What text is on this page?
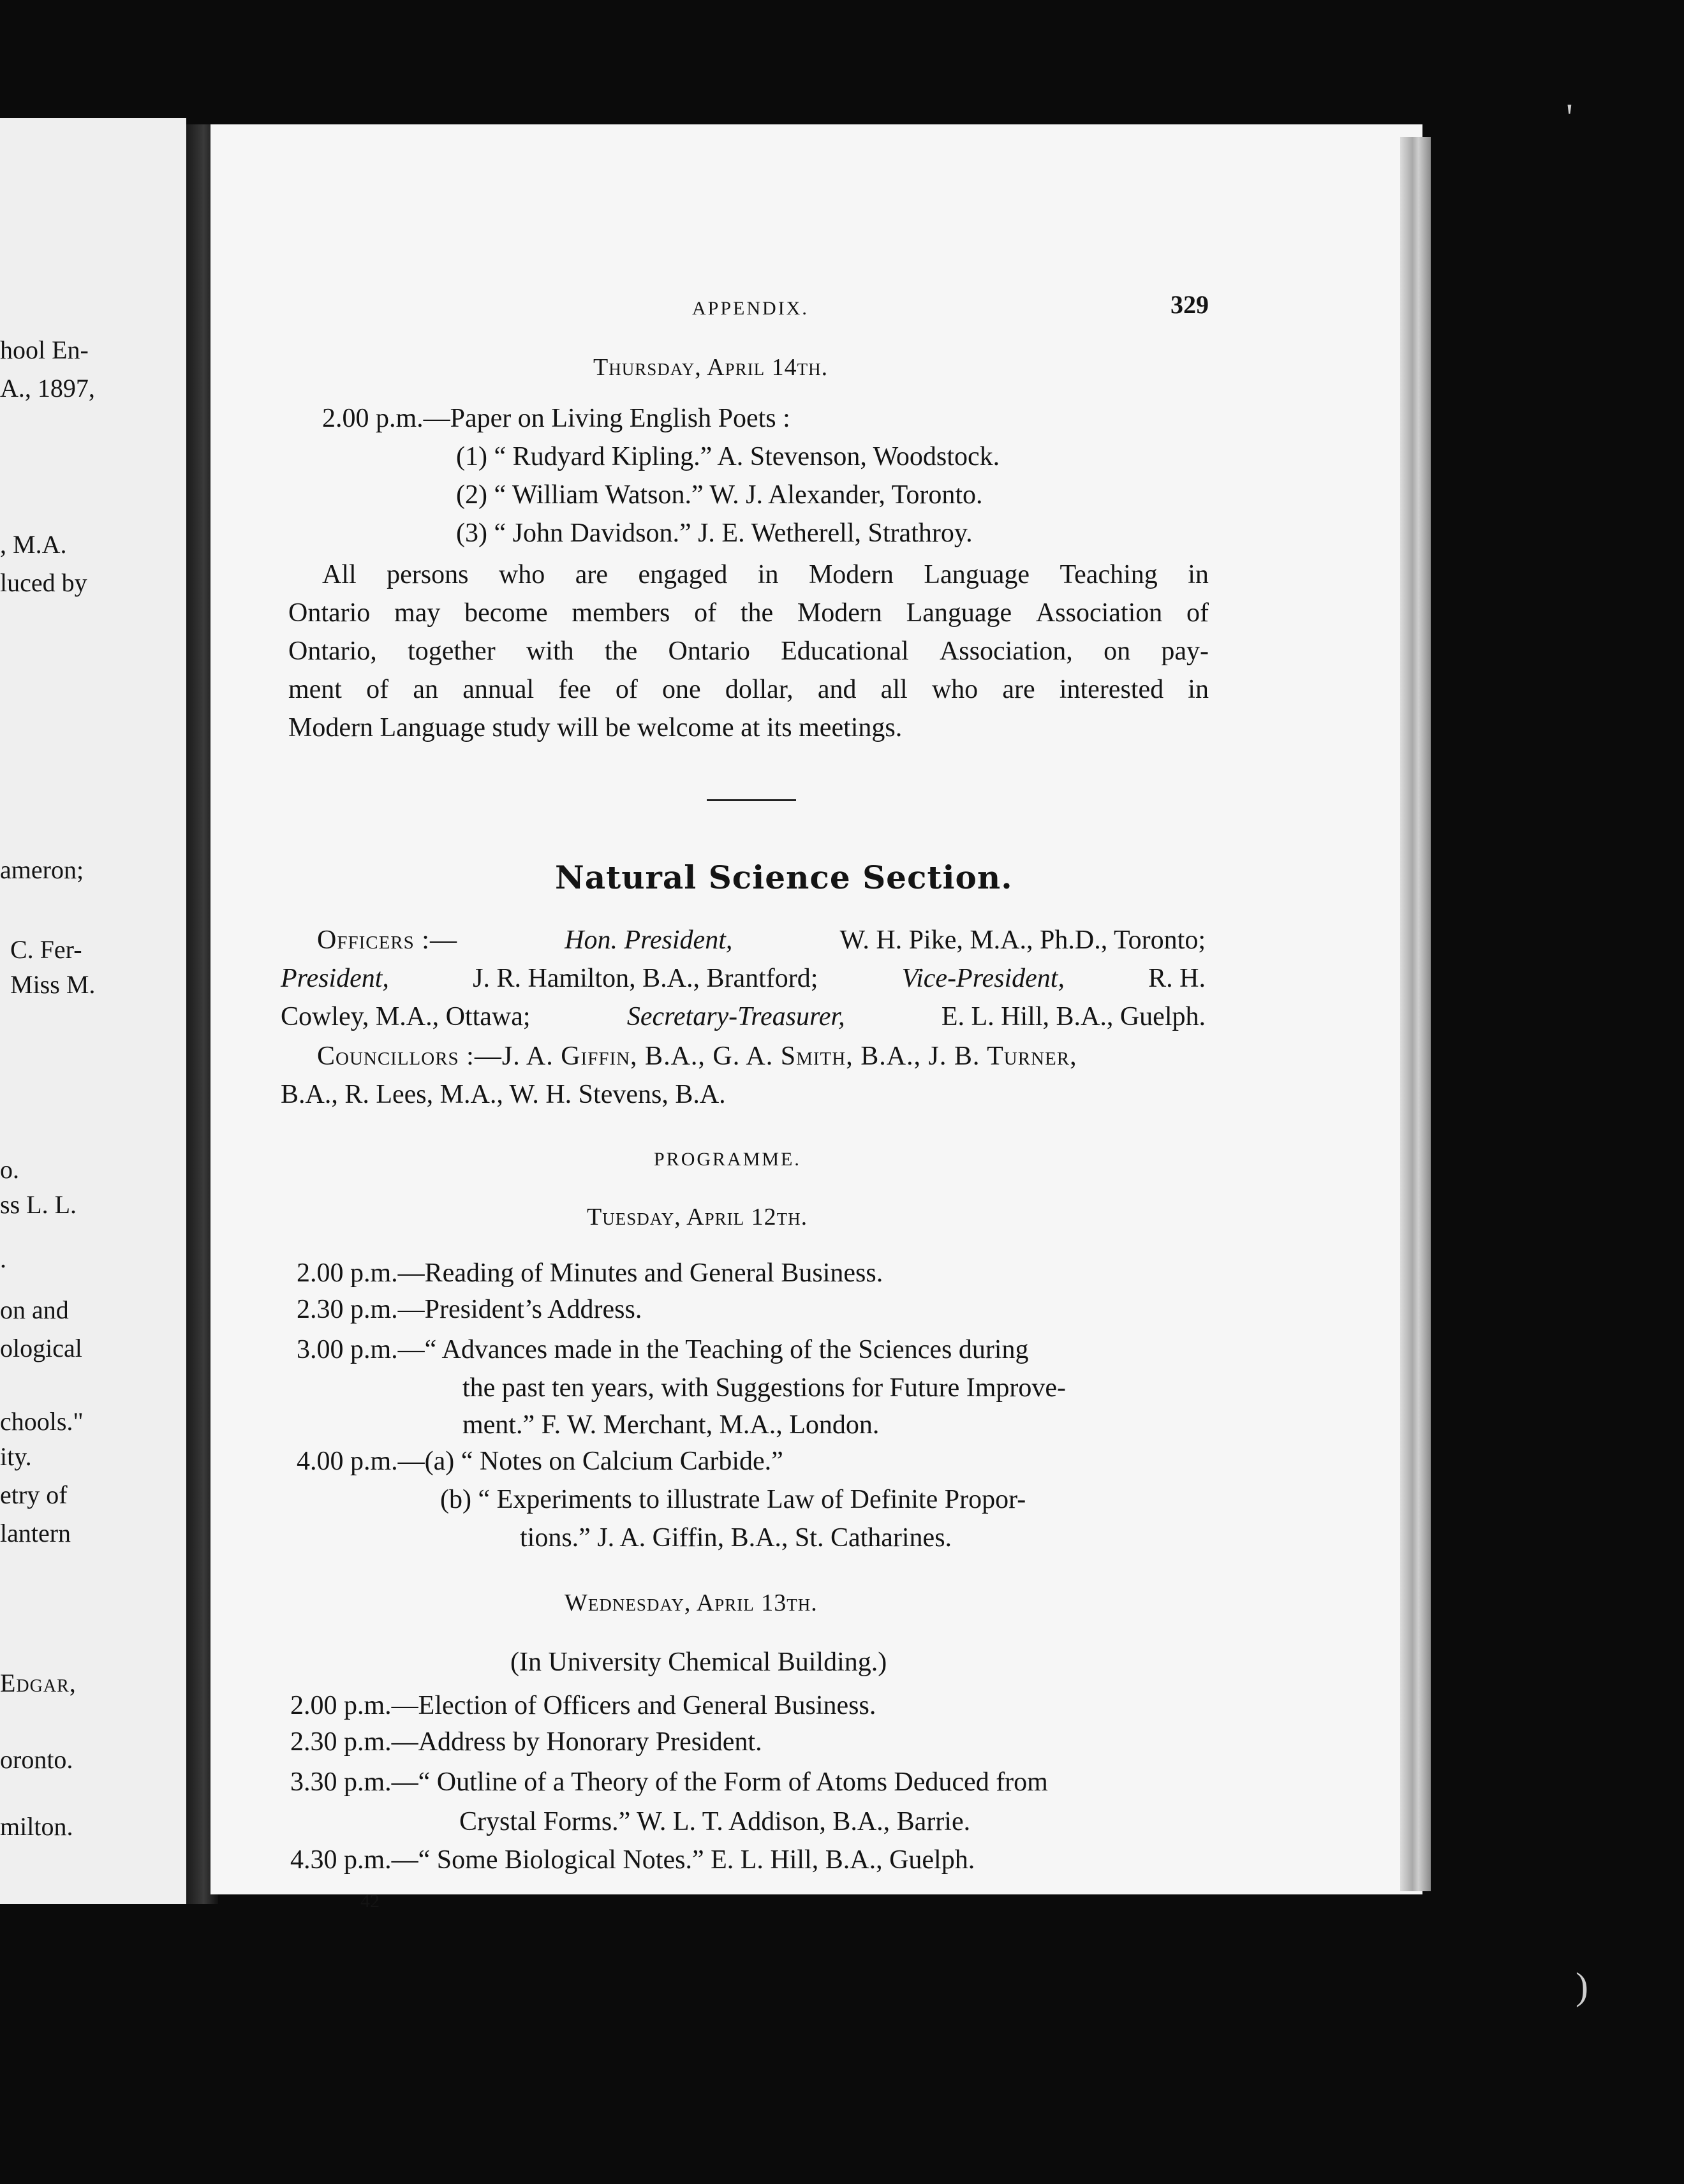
hool En-
A., 1897,
, M.A.
luced by
ameron;
C. Fer-
Miss M.
o.
ss L. L.
.
on and
ological
chools."
ity.
etry of
lantern
Edgar,
oronto.
milton.
'
)
APPENDIX.	329
Thursday, April 14th.
2.00 p.m.—Paper on Living English Poets :
(1) “ Rudyard Kipling.” A. Stevenson, Woodstock.
(2) “ William Watson.” W. J. Alexander, Toronto.
(3) “ John Davidson.” J. E. Wetherell, Strathroy.
All persons who are engaged in Modern Language Teaching in
Ontario may become members of the Modern Language Association of
Ontario, together with the Ontario Educational Association, on pay-
ment of an annual fee of one dollar, and all who are interested in
Modern Language study will be welcome at its meetings.
Natural Science Section.
Officers :—	Hon. President,	W. H. Pike, M.A., Ph.D., Toronto;
President,	J. R. Hamilton, B.A., Brantford;	Vice-President,	R. H.
Cowley, M.A., Ottawa;	Secretary-Treasurer,	E. L. Hill, B.A., Guelph.
Councillors :—J. A. Giffin, B.A., G. A. Smith, B.A., J. B. Turner,
B.A., R. Lees, M.A., W. H. Stevens, B.A.
PROGRAMME.
Tuesday, April 12th.
2.00 p.m.—Reading of Minutes and General Business.
2.30 p.m.—President’s Address.
3.00 p.m.—“ Advances made in the Teaching of the Sciences during
the past ten years, with Suggestions for Future Improve-
ment.” F. W. Merchant, M.A., London.
4.00 p.m.—(a) “ Notes on Calcium Carbide.”
(b) “ Experiments to illustrate Law of Definite Propor-
tions.” J. A. Giffin, B.A., St. Catharines.
Wednesday, April 13th.
(In University Chemical Building.)
2.00 p.m.—Election of Officers and General Business.
2.30 p.m.—Address by Honorary President.
3.30 p.m.—“ Outline of a Theory of the Form of Atoms Deduced from
Crystal Forms.” W. L. T. Addison, B.A., Barrie.
4.30 p.m.—“ Some Biological Notes.” E. L. Hill, B.A., Guelph.
42
